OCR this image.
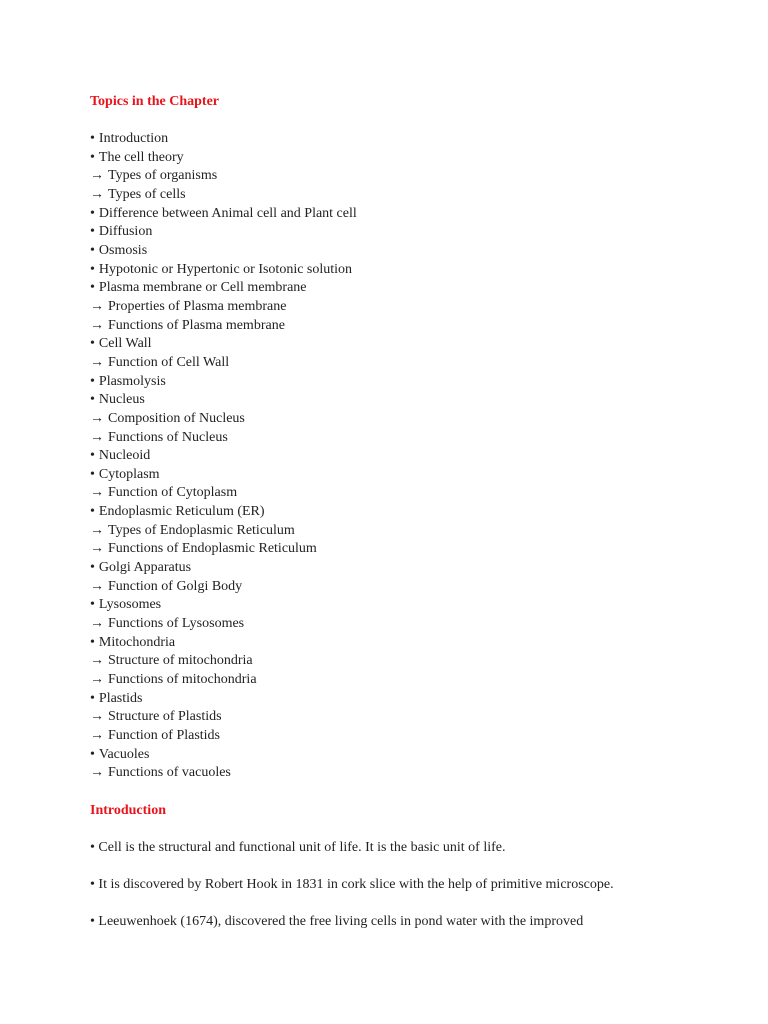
Topics in the Chapter
• Introduction
• The cell theory
→ Types of organisms
→ Types of cells
• Difference between Animal cell and Plant cell
• Diffusion
• Osmosis
• Hypotonic or Hypertonic or Isotonic solution
• Plasma membrane or Cell membrane
→ Properties of Plasma membrane
→ Functions of Plasma membrane
• Cell Wall
→ Function of Cell Wall
• Plasmolysis
• Nucleus
→ Composition of Nucleus
→ Functions of Nucleus
• Nucleoid
• Cytoplasm
→ Function of Cytoplasm
• Endoplasmic Reticulum (ER)
→ Types of Endoplasmic Reticulum
→ Functions of Endoplasmic Reticulum
• Golgi Apparatus
→ Function of Golgi Body
• Lysosomes
→ Functions of Lysosomes
• Mitochondria
→ Structure of mitochondria
→ Functions of mitochondria
• Plastids
→ Structure of Plastids
→ Function of Plastids
• Vacuoles
→ Functions of vacuoles
Introduction

• Cell is the structural and functional unit of life. It is the basic unit of life.

• It is discovered by Robert Hook in 1831 in cork slice with the help of primitive microscope.

• Leeuwenhoek (1674), discovered the free living cells in pond water with the improved
